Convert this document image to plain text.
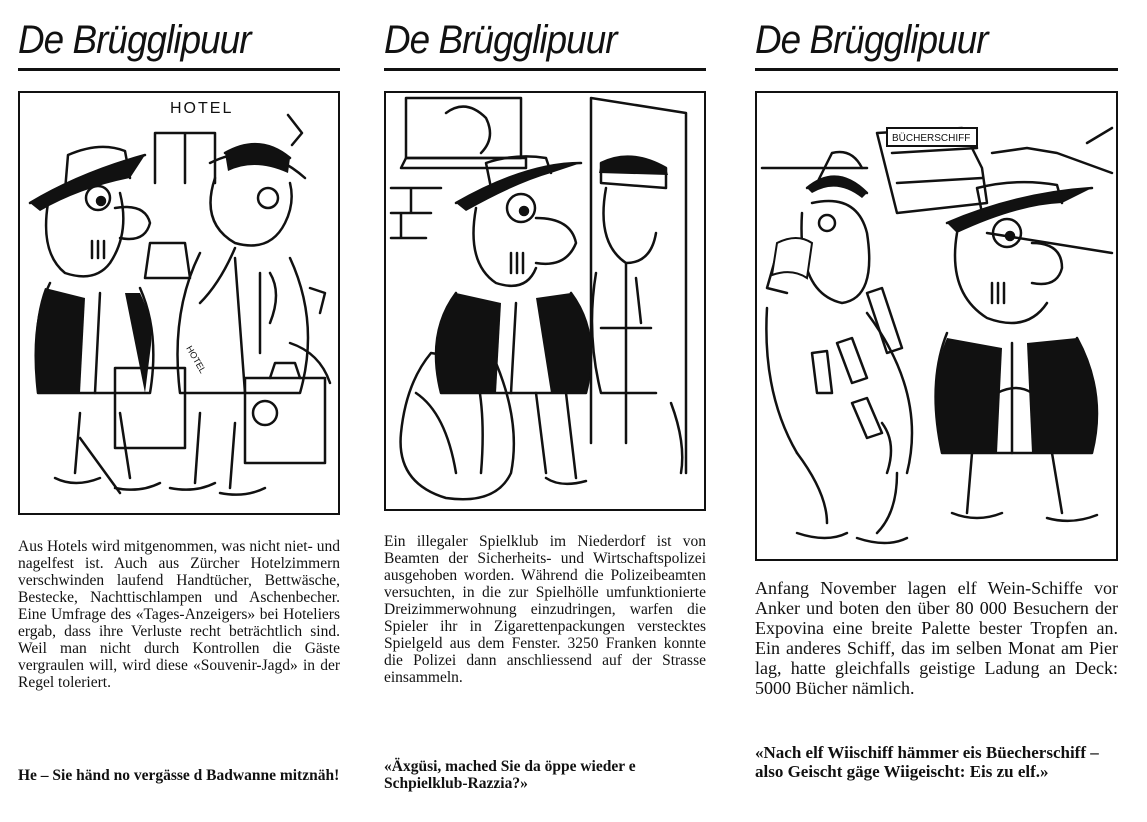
De Brügglipuur
HOTEL
HOTEL
Aus Hotels wird mitgenommen, was nicht niet- und nagelfest ist. Auch aus Zürcher Hotelzimmern verschwinden laufend Handtücher, Bettwäsche, Bestecke, Nachttischlampen und Aschenbecher. Eine Umfrage des «Tages-Anzeigers» bei Hoteliers ergab, dass ihre Verluste recht beträchtlich sind. Weil man nicht durch Kontrollen die Gäste vergraulen will, wird diese «Souvenir-Jagd» in der Regel toleriert.
He – Sie händ no vergässe d Badwanne mitznäh!
De Brügglipuur
Ein illegaler Spielklub im Niederdorf ist von Beamten der Sicherheits- und Wirtschaftspolizei ausgehoben worden. Während die Polizeibeamten versuchten, in die zur Spielhölle umfunktionierte Dreizimmerwohnung einzudringen, warfen die Spieler ihr in Zigarettenpackungen verstecktes Spielgeld aus dem Fenster. 3250 Franken konnte die Polizei dann anschliessend auf der Strasse einsammeln.
«Äxgüsi, mached Sie da öppe wieder e Schpielklub-Razzia?»
De Brügglipuur
BÜCHERSCHIFF
Anfang November lagen elf Wein-Schiffe vor Anker und boten den über 80 000 Besuchern der Expovina eine breite Palette bester Tropfen an. Ein anderes Schiff, das im selben Monat am Pier lag, hatte gleichfalls geistige Ladung an Deck: 5000 Bücher nämlich.
«Nach elf Wiischiff hämmer eis Büecherschiff – also Geischt gäge Wiigeischt: Eis zu elf.»
